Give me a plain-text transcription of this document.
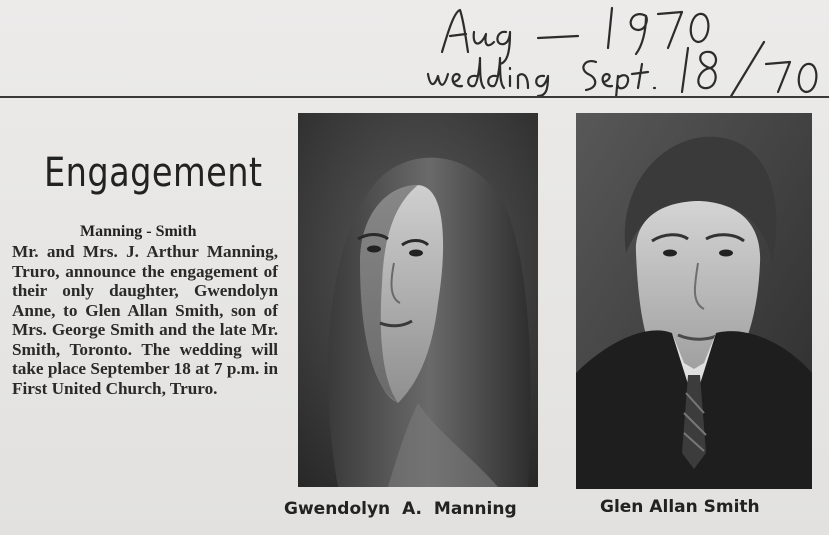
Engagement
Manning - Smith
Mr. and Mrs. J. Arthur Manning, Truro, announce the engagement of their only daughter, Gwendolyn Anne, to Glen Allan Smith, son of Mrs. George Smith and the late Mr. Smith, Toronto. The wedding will take place September 18 at 7 p.m. in First United Church, Truro.
Gwendolyn A. Manning	Glen Allan Smith
